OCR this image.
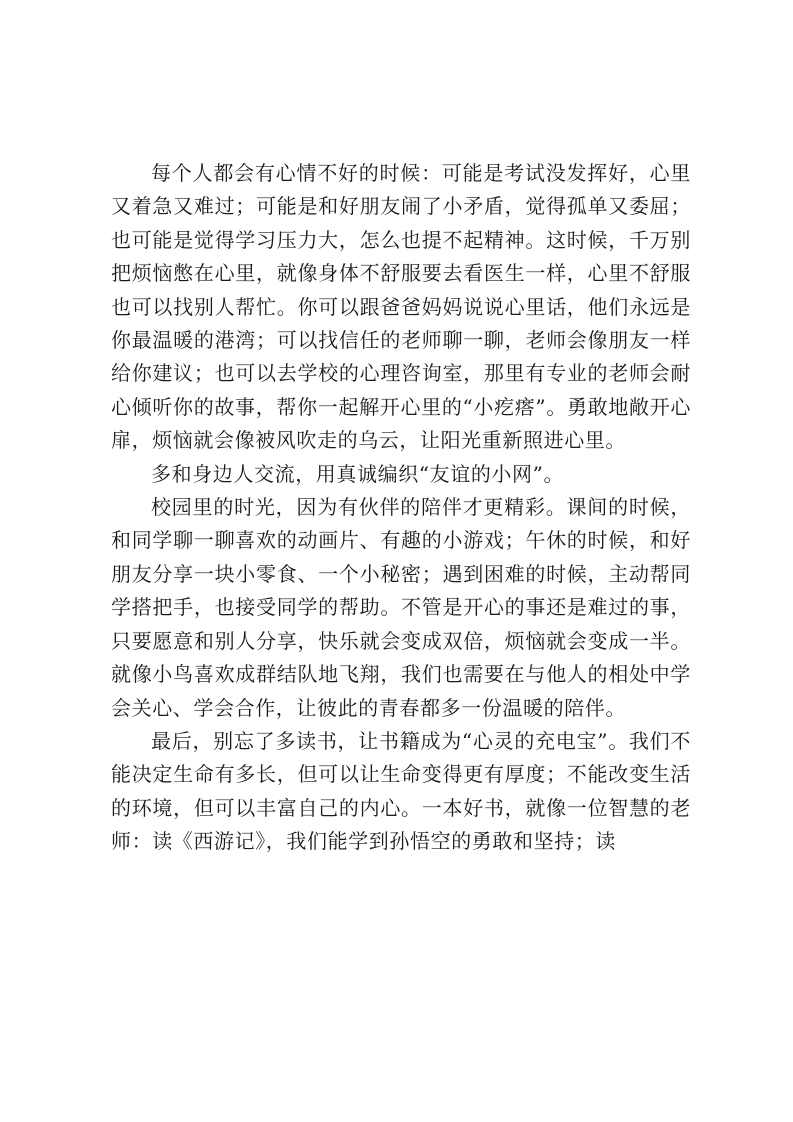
每个人都会有心情不好的时候：可能是考试没发挥好，心里又着急又难过；可能是和好朋友闹了小矛盾，觉得孤单又委屈；也可能是觉得学习压力大，怎么也提不起精神。这时候，千万别把烦恼憋在心里，就像身体不舒服要去看医生一样，心里不舒服也可以找别人帮忙。你可以跟爸爸妈妈说说心里话，他们永远是你最温暖的港湾；可以找信任的老师聊一聊，老师会像朋友一样给你建议；也可以去学校的心理咨询室，那里有专业的老师会耐心倾听你的故事，帮你一起解开心里的“小疙瘩”。勇敢地敞开心扉，烦恼就会像被风吹走的乌云，让阳光重新照进心里。

多和身边人交流，用真诚编织“友谊的小网”。

校园里的时光，因为有伙伴的陪伴才更精彩。课间的时候，和同学聊一聊喜欢的动画片、有趣的小游戏；午休的时候，和好朋友分享一块小零食、一个小秘密；遇到困难的时候，主动帮同学搭把手，也接受同学的帮助。不管是开心的事还是难过的事，只要愿意和别人分享，快乐就会变成双倍，烦恼就会变成一半。就像小鸟喜欢成群结队地飞翔，我们也需要在与他人的相处中学会关心、学会合作，让彼此的青春都多一份温暖的陪伴。

最后，别忘了多读书，让书籍成为“心灵的充电宝”。我们不能决定生命有多长，但可以让生命变得更有厚度；不能改变生活的环境，但可以丰富自己的内心。一本好书，就像一位智慧的老师：读《西游记》，我们能学到孙悟空的勇敢和坚持；读
